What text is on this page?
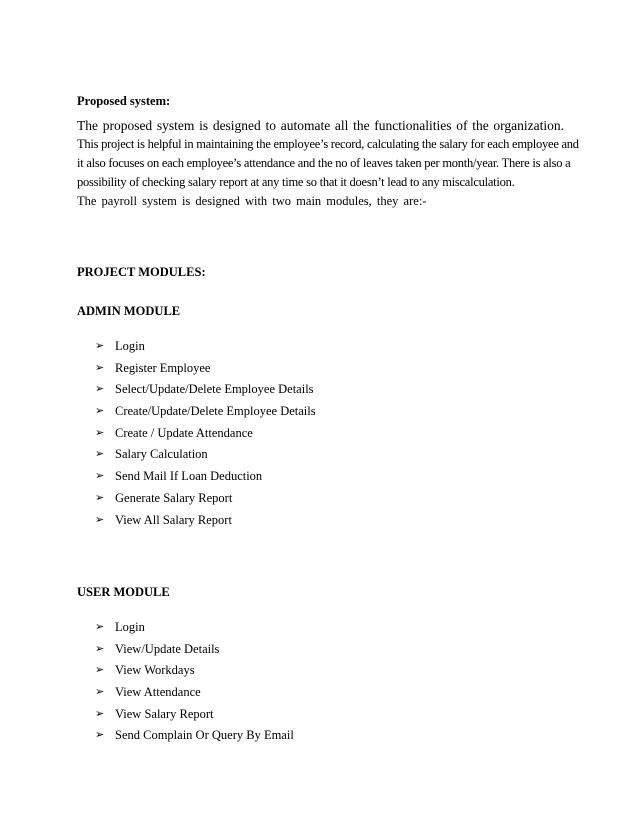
Proposed system:
The proposed system is designed to automate all the functionalities of the organization.
This project is helpful in maintaining the employee’s record, calculating the salary for each employee and
it also focuses on each employee’s attendance and the no of leaves taken per month/year. There is also a
possibility of checking salary report at any time so that it doesn’t lead to any miscalculation.
The payroll system is designed with two main modules, they are:-
PROJECT MODULES:
ADMIN MODULE
➢ Login
➢ Register Employee
➢ Select/Update/Delete Employee Details
➢ Create/Update/Delete Employee Details
➢ Create / Update Attendance
➢ Salary Calculation
➢ Send Mail If Loan Deduction
➢ Generate Salary Report
➢ View All Salary Report
USER MODULE
➢ Login
➢ View/Update Details
➢ View Workdays
➢ View Attendance
➢ View Salary Report
➢ Send Complain Or Query By Email
